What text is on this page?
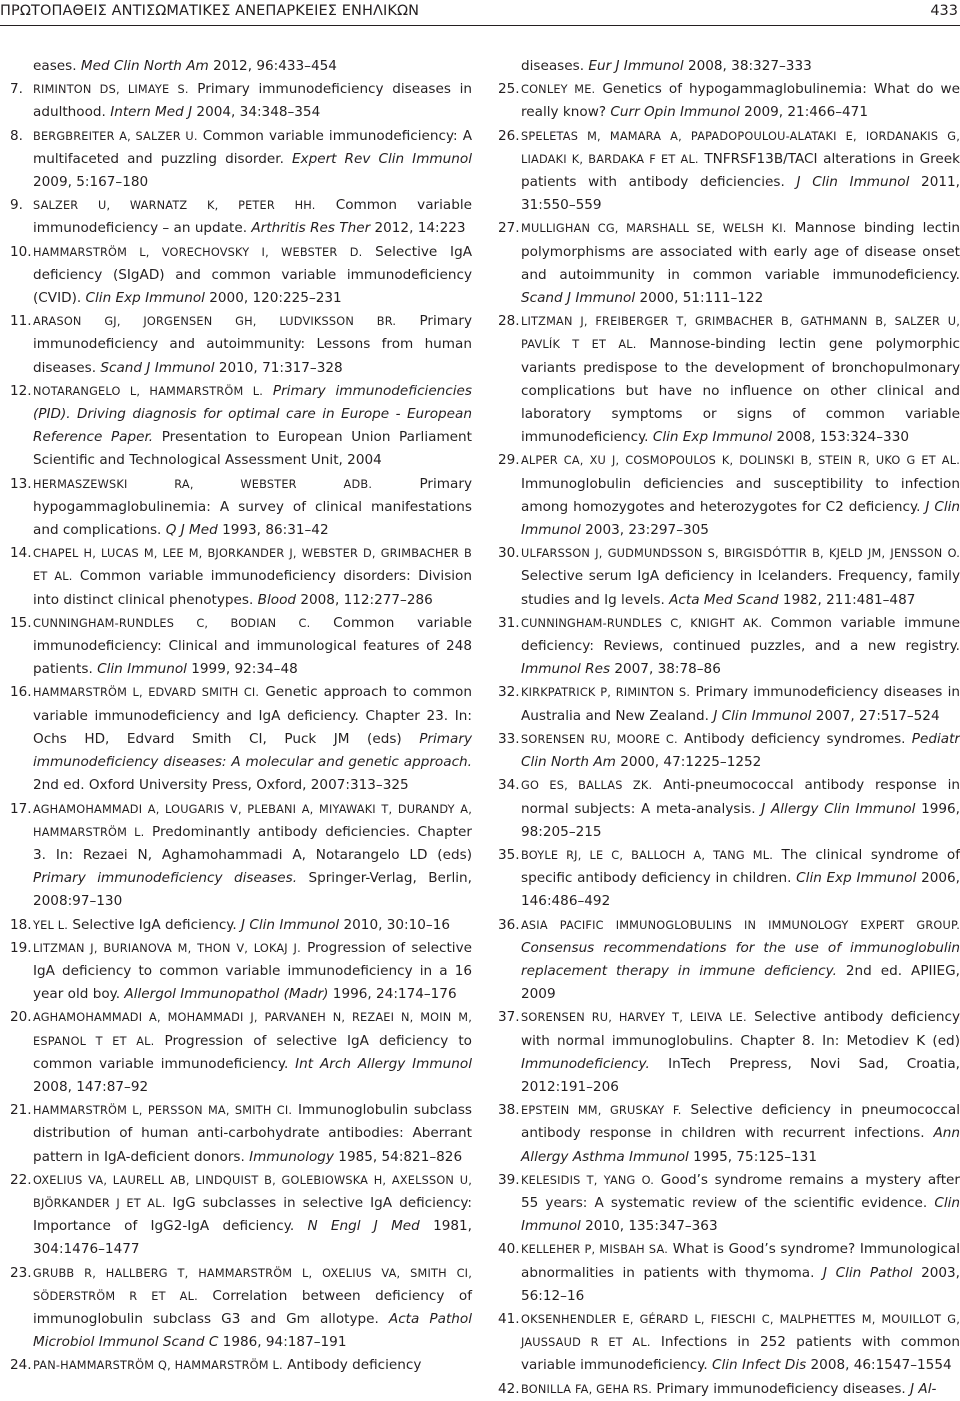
ΠΡΩΤΟΠΑΘΕΙΣ ΑΝΤΙΣΩΜΑΤΙΚΕΣ ΑΝΕΠΑΡΚΕΙΕΣ ΕΝΗΛΙΚΩΝ	433
eases. Med Clin North Am 2012, 96:433–454
7. RIMINTON DS, LIMAYE S. Primary immunodeficiency diseases in adulthood. Intern Med J 2004, 34:348–354
8. BERGBREITER A, SALZER U. Common variable immunodeficiency: A multifaceted and puzzling disorder. Expert Rev Clin Immunol 2009, 5:167–180
9. SALZER U, WARNATZ K, PETER HH. Common variable immunodeficiency – an update. Arthritis Res Ther 2012, 14:223
10. HAMMARSTRÖM L, VORECHOVSKY I, WEBSTER D. Selective IgA deficiency (SIgAD) and common variable immunodeficiency (CVID). Clin Exp Immunol 2000, 120:225–231
11. ARASON GJ, JORGENSEN GH, LUDVIKSSON BR. Primary immunodeficiency and autoimmunity: Lessons from human diseases. Scand J Immunol 2010, 71:317–328
12. NOTARANGELO L, HAMMARSTRÖM L. Primary immunodeficiencies (PID). Driving diagnosis for optimal care in Europe - European Reference Paper. Presentation to European Union Parliament Scientific and Technological Assessment Unit, 2004
13. HERMASZEWSKI RA, WEBSTER ADB. Primary hypogammaglobulinemia: A survey of clinical manifestations and complications. Q J Med 1993, 86:31–42
14. CHAPEL H, LUCAS M, LEE M, BJORKANDER J, WEBSTER D, GRIMBACHER B ET AL. Common variable immunodeficiency disorders: Division into distinct clinical phenotypes. Blood 2008, 112:277–286
15. CUNNINGHAM-RUNDLES C, BODIAN C. Common variable immunodeficiency: Clinical and immunological features of 248 patients. Clin Immunol 1999, 92:34–48
16. HAMMARSTRÖM L, EDVARD SMITH CI. Genetic approach to common variable immunodeficiency and IgA deficiency. Chapter 23. In: Ochs HD, Edvard Smith CI, Puck JM (eds) Primary immunodeficiency diseases: A molecular and genetic approach. 2nd ed. Oxford University Press, Oxford, 2007:313–325
17. AGHAMOHAMMADI A, LOUGARIS V, PLEBANI A, MIYAWAKI T, DURANDY A, HAMMARSTRÖM L. Predominantly antibody deficiencies. Chapter 3. In: Rezaei N, Aghamohammadi A, Notarangelo LD (eds) Primary immunodeficiency diseases. Springer-Verlag, Berlin, 2008:97–130
18. YEL L. Selective IgA deficiency. J Clin Immunol 2010, 30:10–16
19. LITZMAN J, BURIANOVA M, THON V, LOKAJ J. Progression of selective IgA deficiency to common variable immunodeficiency in a 16 year old boy. Allergol Immunopathol (Madr) 1996, 24:174–176
20. AGHAMOHAMMADI A, MOHAMMADI J, PARVANEH N, REZAEI N, MOIN M, ESPANOL T ET AL. Progression of selective IgA deficiency to common variable immunodeficiency. Int Arch Allergy Immunol 2008, 147:87–92
21. HAMMARSTRÖM L, PERSSON MA, SMITH CI. Immunoglobulin subclass distribution of human anti-carbohydrate antibodies: Aberrant pattern in IgA-deficient donors. Immunology 1985, 54:821–826
22. OXELIUS VA, LAURELL AB, LINDQUIST B, GOLEBIOWSKA H, AXELSSON U, BJÖRKANDER J ET AL. IgG subclasses in selective IgA deficiency: Importance of IgG2-IgA deficiency. N Engl J Med 1981, 304:1476–1477
23. GRUBB R, HALLBERG T, HAMMARSTRÖM L, OXELIUS VA, SMITH CI, SÖDERSTRÖM R ET AL. Correlation between deficiency of immunoglobulin subclass G3 and Gm allotype. Acta Pathol Microbiol Immunol Scand C 1986, 94:187–191
24. PAN-HAMMARSTRÖM Q, HAMMARSTRÖM L. Antibody deficiency
diseases. Eur J Immunol 2008, 38:327–333
25. CONLEY ME. Genetics of hypogammaglobulinemia: What do we really know? Curr Opin Immunol 2009, 21:466–471
26. SPELETAS M, MAMARA A, PAPADOPOULOU-ALATAKI E, IORDANAKIS G, LIADAKI K, BARDAKA F ET AL. TNFRSF13B/TACI alterations in Greek patients with antibody deficiencies. J Clin Immunol 2011, 31:550–559
27. MULLIGHAN CG, MARSHALL SE, WELSH KI. Mannose binding lectin polymorphisms are associated with early age of disease onset and autoimmunity in common variable immunodeficiency. Scand J Immunol 2000, 51:111–122
28. LITZMAN J, FREIBERGER T, GRIMBACHER B, GATHMANN B, SALZER U, PAVLÍK T ET AL. Mannose-binding lectin gene polymorphic variants predispose to the development of bronchopulmonary complications but have no influence on other clinical and laboratory symptoms or signs of common variable immunodeficiency. Clin Exp Immunol 2008, 153:324–330
29. ALPER CA, XU J, COSMOPOULOS K, DOLINSKI B, STEIN R, UKO G ET AL. Immunoglobulin deficiencies and susceptibility to infection among homozygotes and heterozygotes for C2 deficiency. J Clin Immunol 2003, 23:297–305
30. ULFARSSON J, GUDMUNDSSON S, BIRGISDÓTTIR B, KJELD JM, JENSSON O. Selective serum IgA deficiency in Icelanders. Frequency, family studies and Ig levels. Acta Med Scand 1982, 211:481–487
31. CUNNINGHAM-RUNDLES C, KNIGHT AK. Common variable immune deficiency: Reviews, continued puzzles, and a new registry. Immunol Res 2007, 38:78–86
32. KIRKPATRICK P, RIMINTON S. Primary immunodeficiency diseases in Australia and New Zealand. J Clin Immunol 2007, 27:517–524
33. SORENSEN RU, MOORE C. Antibody deficiency syndromes. Pediatr Clin North Am 2000, 47:1225–1252
34. GO ES, BALLAS ZK. Anti-pneumococcal antibody response in normal subjects: A meta-analysis. J Allergy Clin Immunol 1996, 98:205–215
35. BOYLE RJ, LE C, BALLOCH A, TANG ML. The clinical syndrome of specific antibody deficiency in children. Clin Exp Immunol 2006, 146:486–492
36. ASIA PACIFIC IMMUNOGLOBULINS IN IMMUNOLOGY EXPERT GROUP. Consensus recommendations for the use of immunoglobulin replacement therapy in immune deficiency. 2nd ed. APIIEG, 2009
37. SORENSEN RU, HARVEY T, LEIVA LE. Selective antibody deficiency with normal immunoglobulins. Chapter 8. In: Metodiev K (ed) Immunodeficiency. InTech Prepress, Novi Sad, Croatia, 2012:191–206
38. EPSTEIN MM, GRUSKAY F. Selective deficiency in pneumococcal antibody response in children with recurrent infections. Ann Allergy Asthma Immunol 1995, 75:125–131
39. KELESIDIS T, YANG O. Good’s syndrome remains a mystery after 55 years: A systematic review of the scientific evidence. Clin Immunol 2010, 135:347–363
40. KELLEHER P, MISBAH SA. What is Good’s syndrome? Immunological abnormalities in patients with thymoma. J Clin Pathol 2003, 56:12–16
41. OKSENHENDLER E, GÉRARD L, FIESCHI C, MALPHETTES M, MOUILLOT G, JAUSSAUD R ET AL. Infections in 252 patients with common variable immunodeficiency. Clin Infect Dis 2008, 46:1547–1554
42. BONILLA FA, GEHA RS. Primary immunodeficiency diseases. J Al-
